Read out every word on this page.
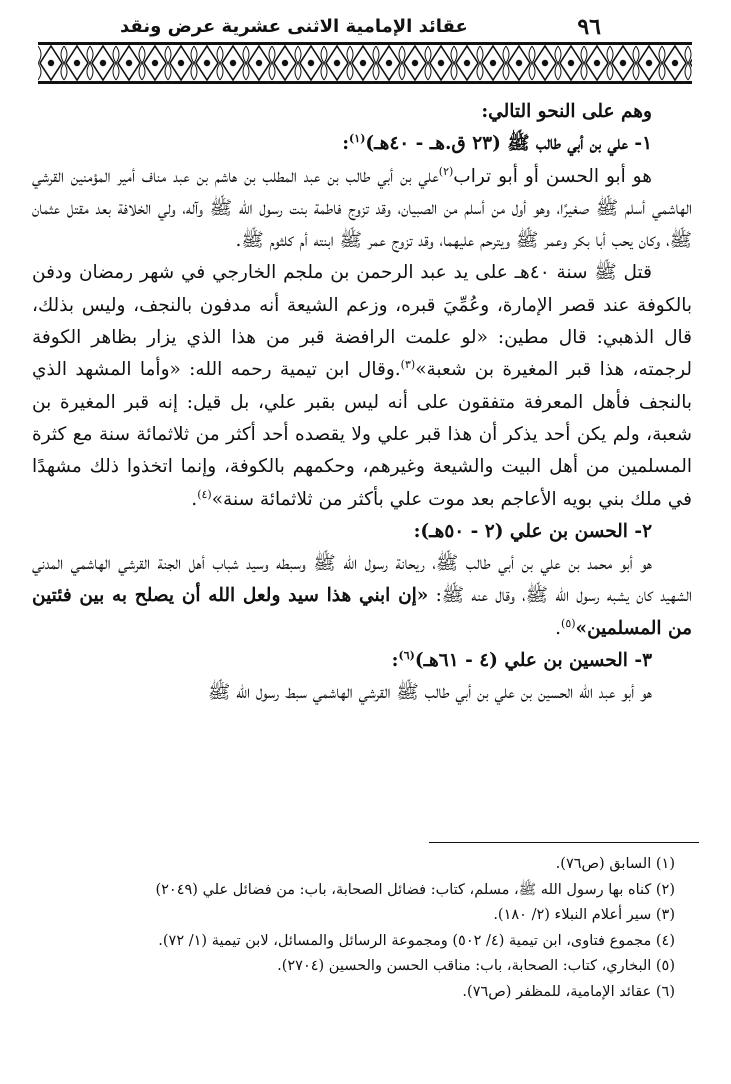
٩٦
عقائد الإمامية الاثنى عشرية عرض ونقد

وهم على النحو التالي:

١- علي بن أبي طالب ﷺ (٢٣ ق.هـ - ٤٠هـ)$^{(١)}$:

هو أبو الحسن أو أبو تراب$^{(٢)}$علي بن أبي طالب بن عبد المطلب بن هاشم بن عبد مناف أمير المؤمنين القرشي الهاشمي أسلم ﷺ صغيرًا، وهو أول من أسلم من الصبيان، وقد تزوج فاطمة بنت رسول الله ﷺ وآله، ولي الخلافة بعد مقتل عثمان ﷺ، وكان يحب أبا بكر وعمر ﷺ ويترحم عليهما، وقد تزوج عمر ﷺ ابنته أم كلثوم ﷺ.

قتل ﷺ سنة ٤٠هـ على يد عبد الرحمن بن ملجم الخارجي في شهر رمضان ودفن بالكوفة عند قصر الإمارة، وعُمِّيَ قبره، وزعم الشيعة أنه مدفون بالنجف، وليس بذلك، قال الذهبي: قال مطين: «لو علمت الرافضة قبر من هذا الذي يزار بظاهر الكوفة لرجمته، هذا قبر المغيرة بن شعبة»$^{(٣)}$.وقال ابن تيمية رحمه الله: «وأما المشهد الذي بالنجف فأهل المعرفة متفقون على أنه ليس بقبر علي، بل قيل: إنه قبر المغيرة بن شعبة، ولم يكن أحد يذكر أن هذا قبر علي ولا يقصده أحد أكثر من ثلاثمائة سنة مع كثرة المسلمين من أهل البيت والشيعة وغيرهم، وحكمهم بالكوفة، وإنما اتخذوا ذلك مشهدًا في ملك بني بويه الأعاجم بعد موت علي بأكثر من ثلاثمائة سنة»$^{(٤)}$.

٢- الحسن بن علي (٢ - ٥٠هـ):

هو أبو محمد بن علي بن أبي طالب ﷺ، ريحانة رسول الله ﷺ وسبطه وسيد شباب أهل الجنة القرشي الهاشمي المدني الشهيد كان يشبه رسول الله ﷺ، وقال عنه ﷺ: «إن ابني هذا سيد ولعل الله أن يصلح به بين فئتين من المسلمين»$^{(٥)}$.

٣- الحسين بن علي (٤ - ٦١هـ)$^{(٦)}$:

هو أبو عبد الله الحسين بن علي بن أبي طالب ﷺ القرشي الهاشمي سبط رسول الله ﷺ

(١) السابق (ص٧٦).
(٢) كناه بها رسول الله ﷺ، مسلم، كتاب: فضائل الصحابة، باب: من فضائل علي (٢٠٤٩)
(٣) سير أعلام النبلاء (٢/ ١٨٠).
(٤) مجموع فتاوى، ابن تيمية (٤/ ٥٠٢) ومجموعة الرسائل والمسائل، لابن تيمية (١/ ٧٢).
(٥) البخاري، كتاب: الصحابة، باب: مناقب الحسن والحسين (٢٧٠٤).
(٦) عقائد الإمامية، للمظفر (ص٧٦).
